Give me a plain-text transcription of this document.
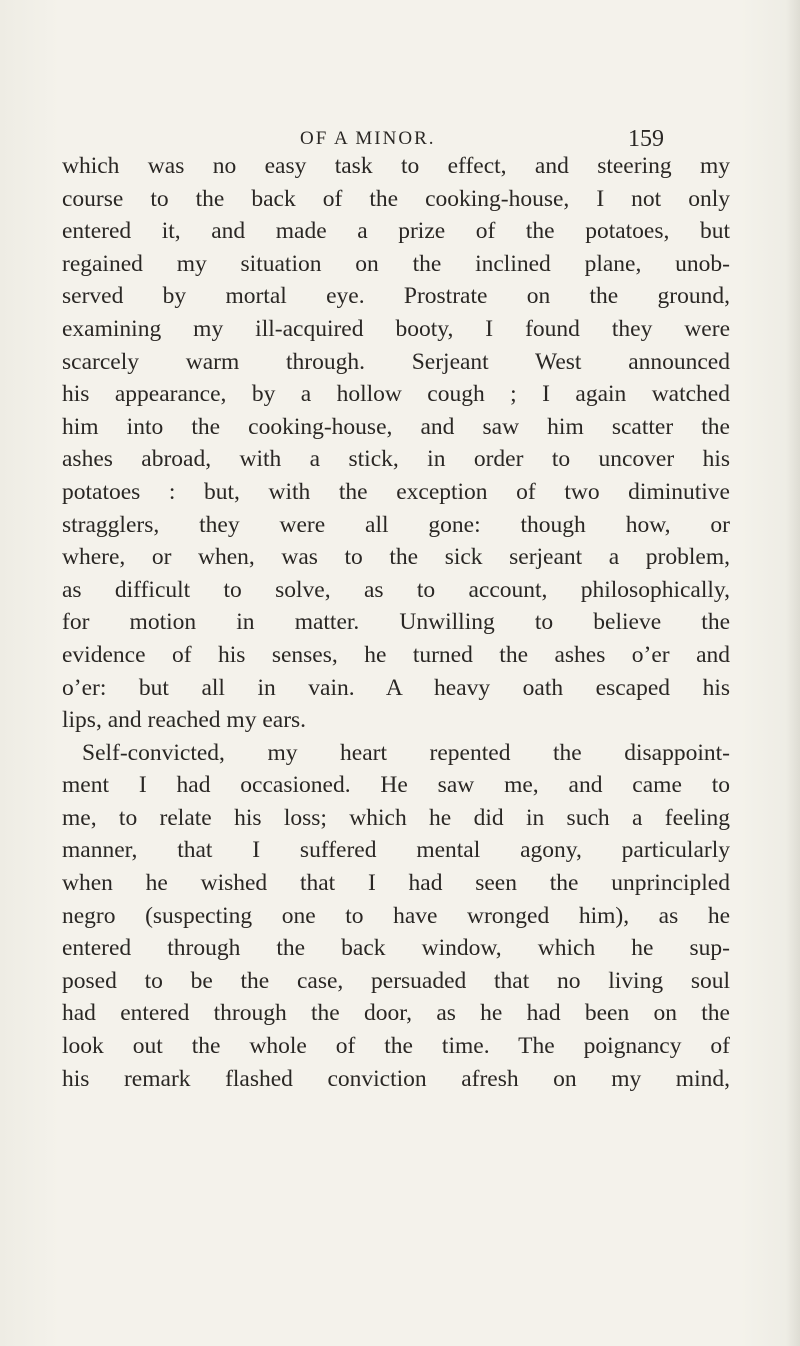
OF A MINOR.	159
which was no easy task to effect, and steering my
course to the back of the cooking-house, I not only
entered it, and made a prize of the potatoes, but
regained my situation on the inclined plane, unob-
served by mortal eye. Prostrate on the ground,
examining my ill-acquired booty, I found they were
scarcely warm through. Serjeant West announced
his appearance, by a hollow cough ; I again watched
him into the cooking-house, and saw him scatter the
ashes abroad, with a stick, in order to uncover his
potatoes : but, with the exception of two diminutive
stragglers, they were all gone: though how, or
where, or when, was to the sick serjeant a problem,
as difficult to solve, as to account, philosophically,
for motion in matter. Unwilling to believe the
evidence of his senses, he turned the ashes o’er and
o’er: but all in vain. A heavy oath escaped his
lips, and reached my ears.
Self-convicted, my heart repented the disappoint-
ment I had occasioned. He saw me, and came to
me, to relate his loss; which he did in such a feeling
manner, that I suffered mental agony, particularly
when he wished that I had seen the unprincipled
negro (suspecting one to have wronged him), as he
entered through the back window, which he sup-
posed to be the case, persuaded that no living soul
had entered through the door, as he had been on the
look out the whole of the time. The poignancy of
his remark flashed conviction afresh on my mind,
